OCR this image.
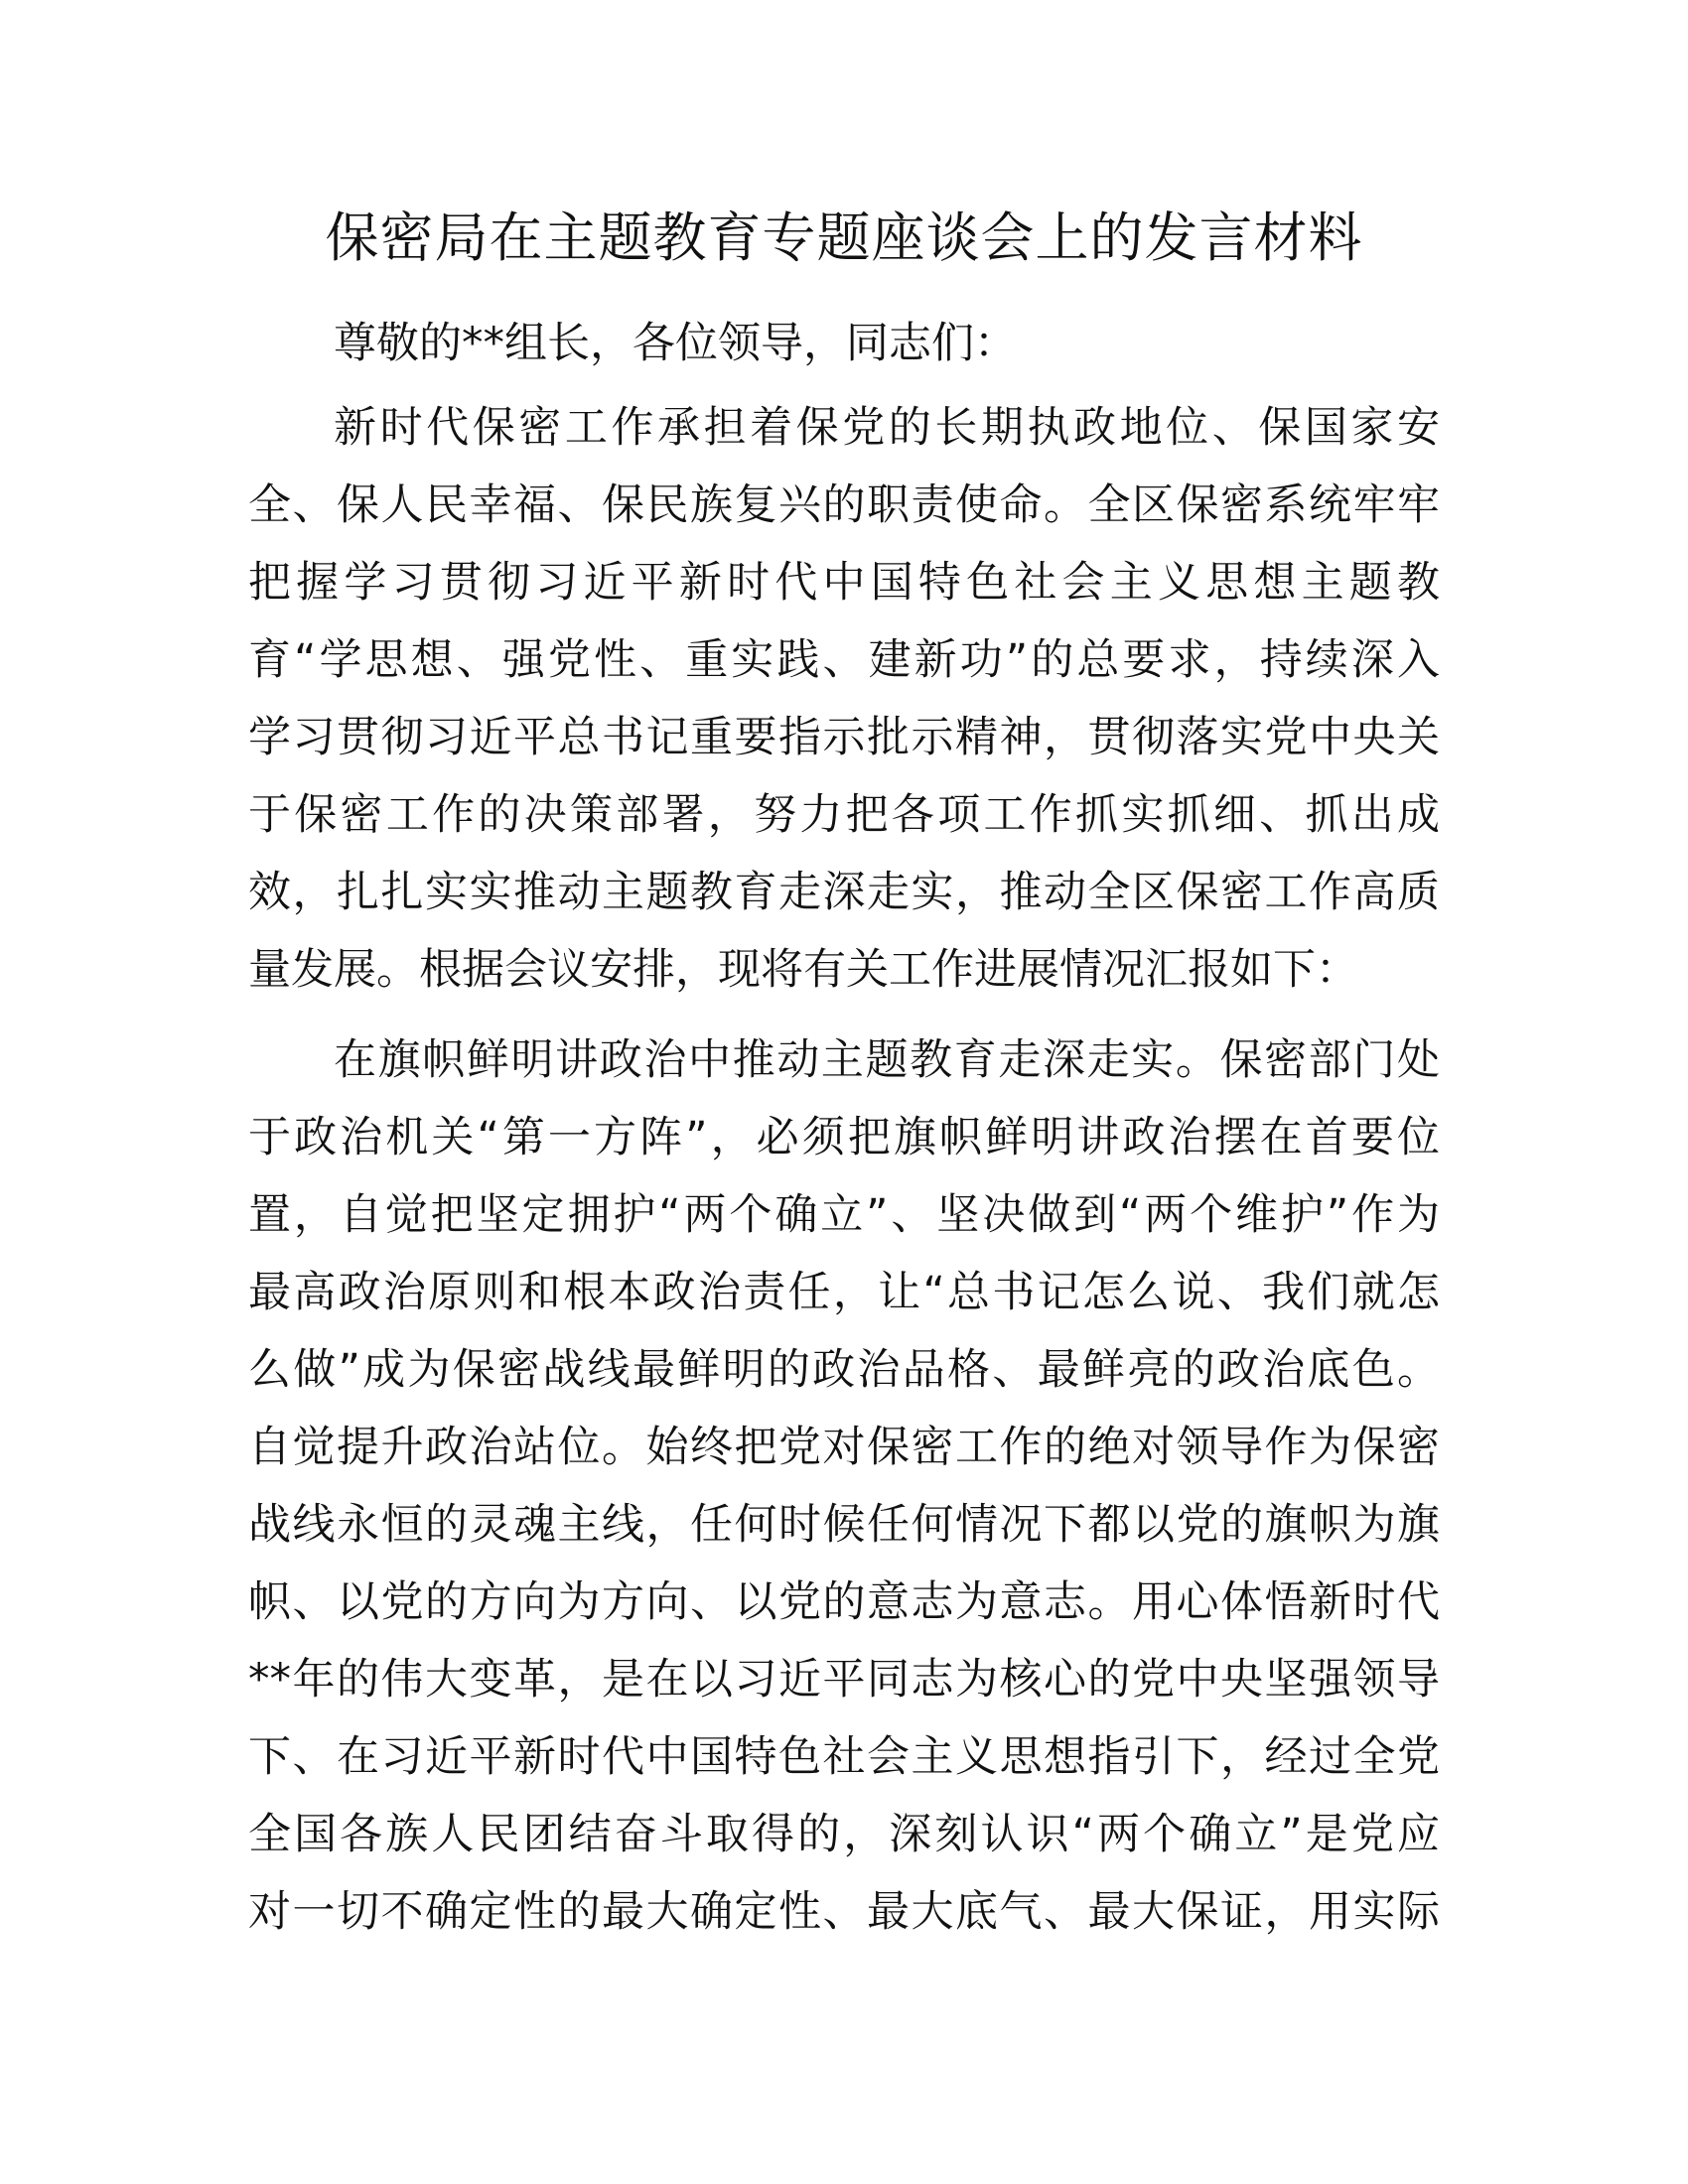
保密局在主题教育专题座谈会上的发言材料
尊敬的**组长，各位领导，同志们：
新时代保密工作承担着保党的长期执政地位、保国家安
全、保人民幸福、保民族复兴的职责使命。全区保密系统牢牢
把握学习贯彻习近平新时代中国特色社会主义思想主题教
育“学思想、强党性、重实践、建新功”的总要求，持续深入
学习贯彻习近平总书记重要指示批示精神，贯彻落实党中央关
于保密工作的决策部署，努力把各项工作抓实抓细、抓出成
效，扎扎实实推动主题教育走深走实，推动全区保密工作高质
量发展。根据会议安排，现将有关工作进展情况汇报如下：
在旗帜鲜明讲政治中推动主题教育走深走实。保密部门处
于政治机关“第一方阵”，必须把旗帜鲜明讲政治摆在首要位
置，自觉把坚定拥护“两个确立”、坚决做到“两个维护”作为
最高政治原则和根本政治责任，让“总书记怎么说、我们就怎
么做”成为保密战线最鲜明的政治品格、最鲜亮的政治底色。
自觉提升政治站位。始终把党对保密工作的绝对领导作为保密
战线永恒的灵魂主线，任何时候任何情况下都以党的旗帜为旗
帜、以党的方向为方向、以党的意志为意志。用心体悟新时代
**年的伟大变革，是在以习近平同志为核心的党中央坚强领导
下、在习近平新时代中国特色社会主义思想指引下，经过全党
全国各族人民团结奋斗取得的，深刻认识“两个确立”是党应
对一切不确定性的最大确定性、最大底气、最大保证，用实际
